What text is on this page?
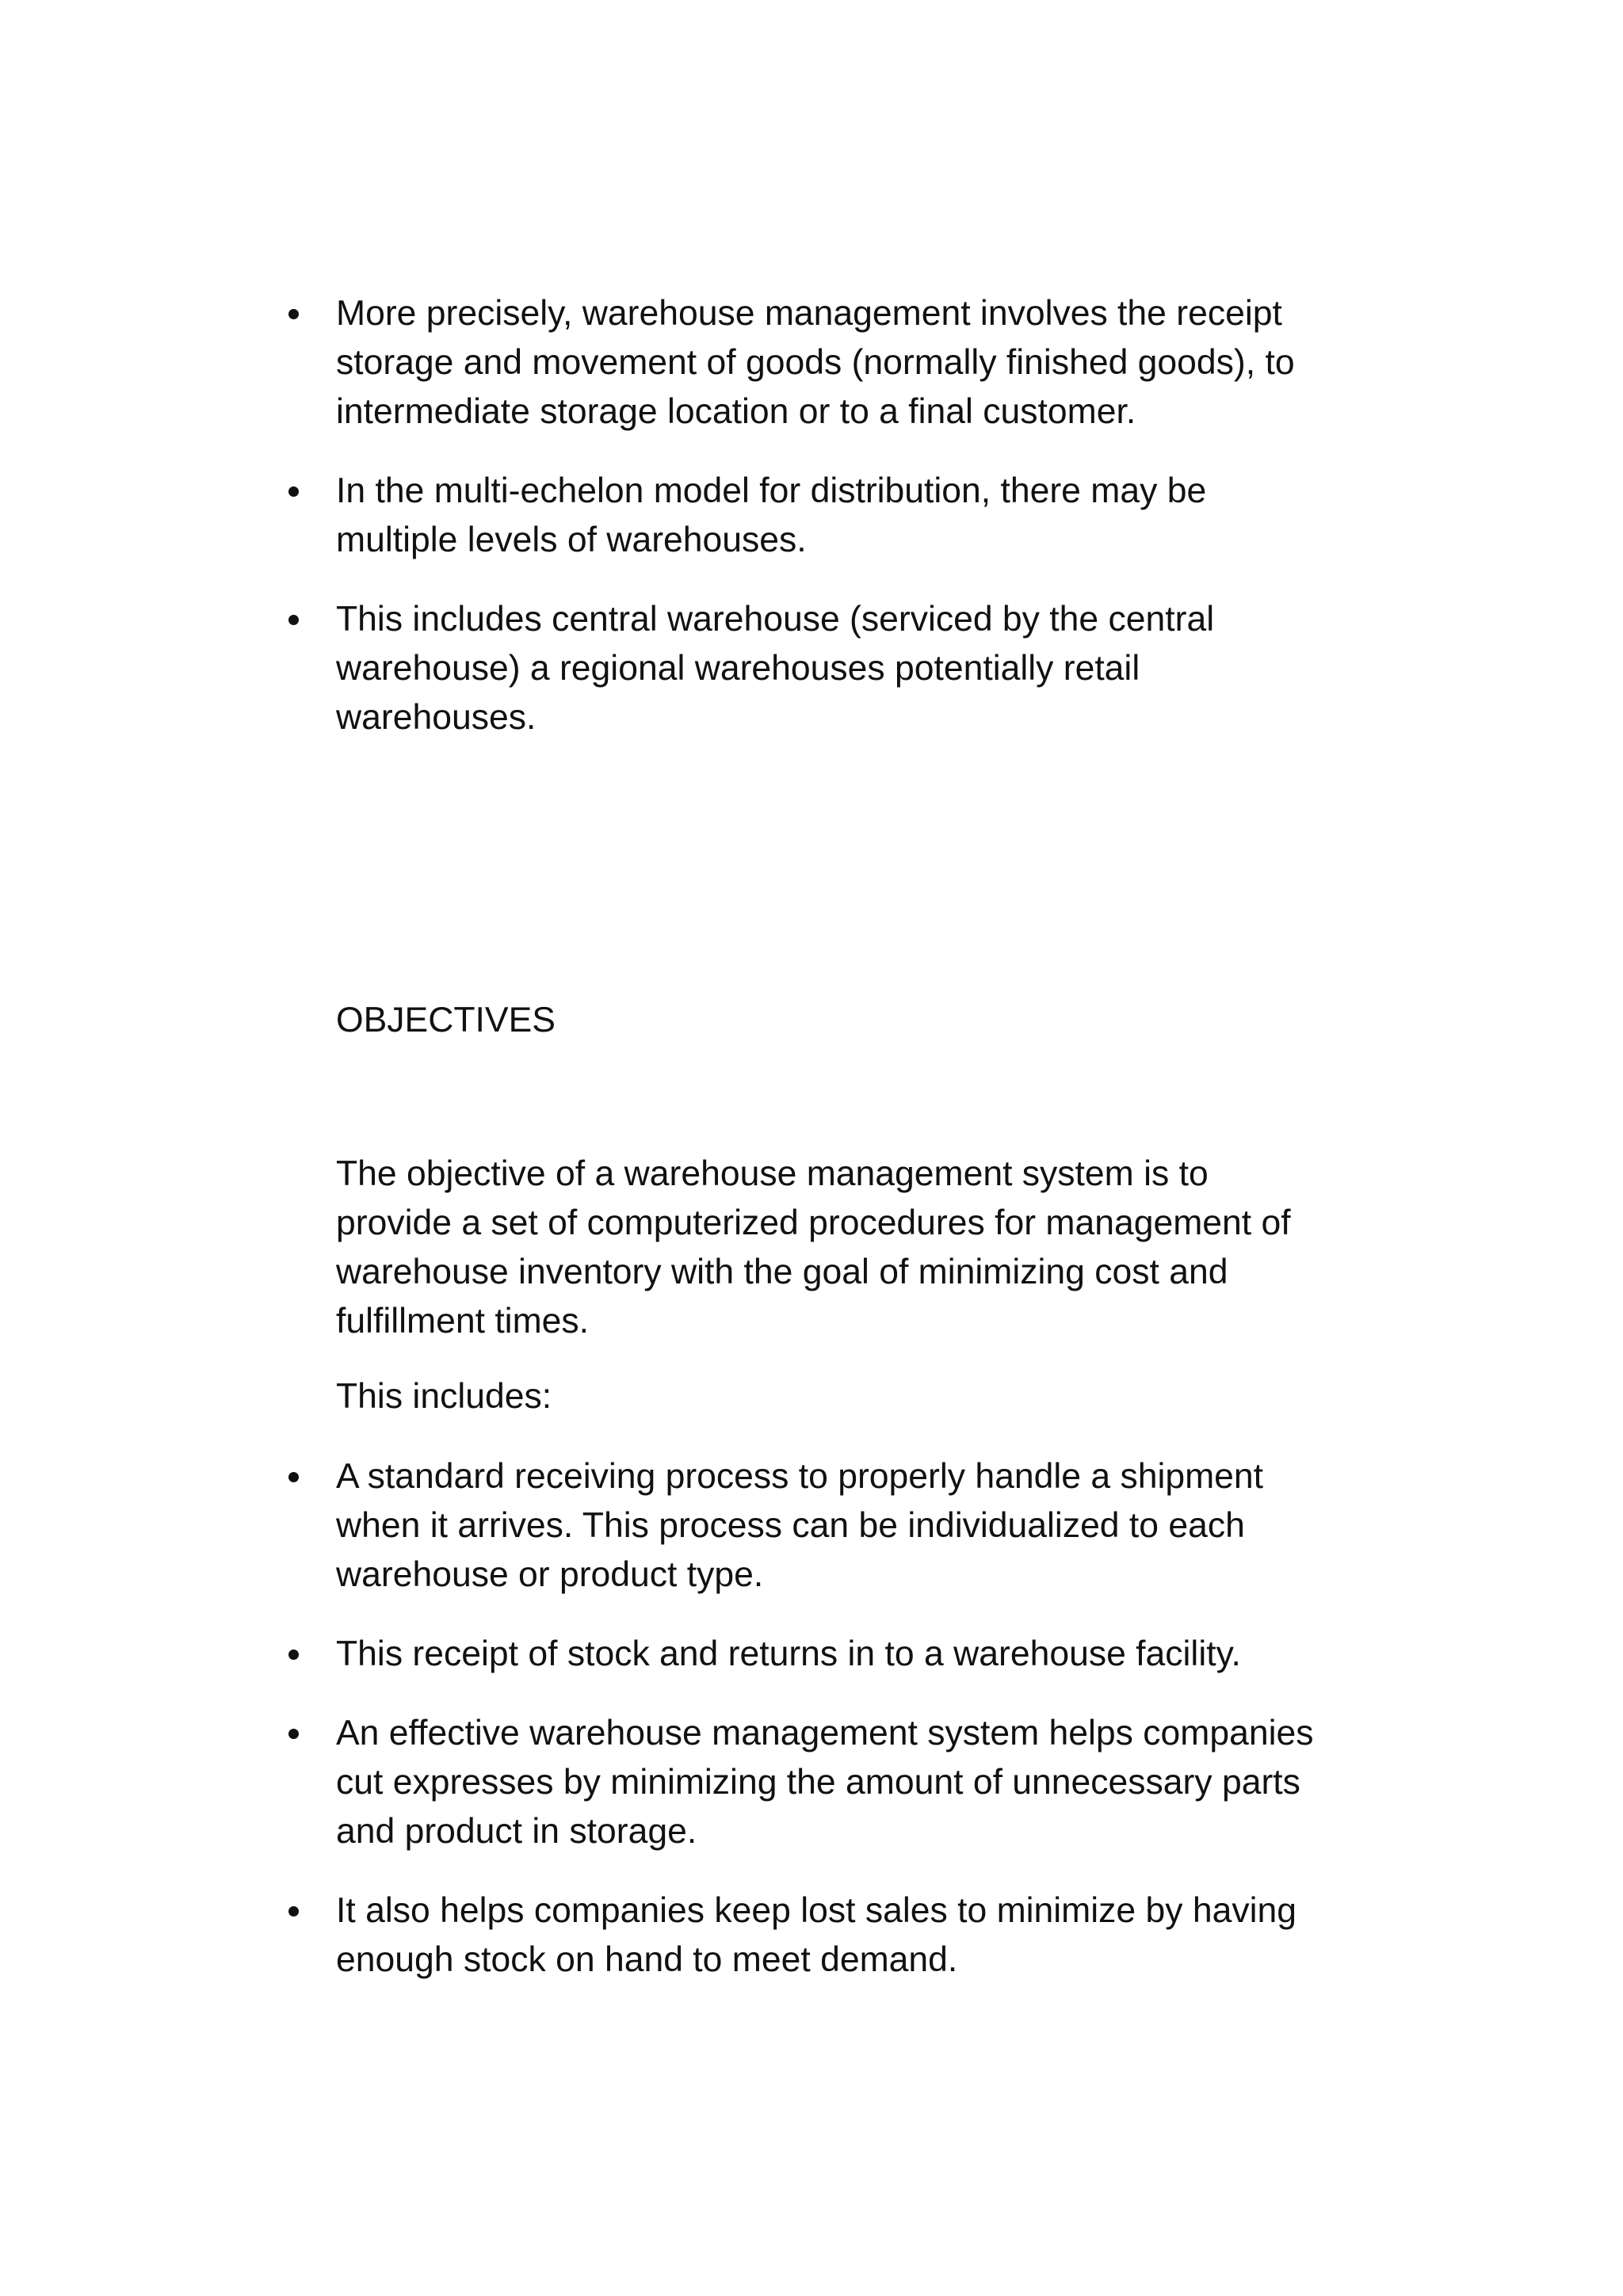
More precisely, warehouse management involves the receipt
storage and movement of goods (normally finished goods), to
intermediate storage location or to a final customer.
In the multi-echelon model for distribution, there may be
multiple levels of warehouses.
This includes central warehouse (serviced by the central
warehouse) a regional warehouses potentially retail
warehouses.

OBJECTIVES

The objective of a warehouse management system is to
provide a set of computerized procedures for management of
warehouse inventory with the goal of minimizing cost and
fulfillment times.

This includes:

A standard receiving process to properly handle a shipment
when it arrives. This process can be individualized to each
warehouse or product type.
This receipt of stock and returns in to a warehouse facility.
An effective warehouse management system helps companies
cut expresses by minimizing the amount of unnecessary parts
and product in storage.
It also helps companies keep lost sales to minimize by having
enough stock on hand to meet demand.
